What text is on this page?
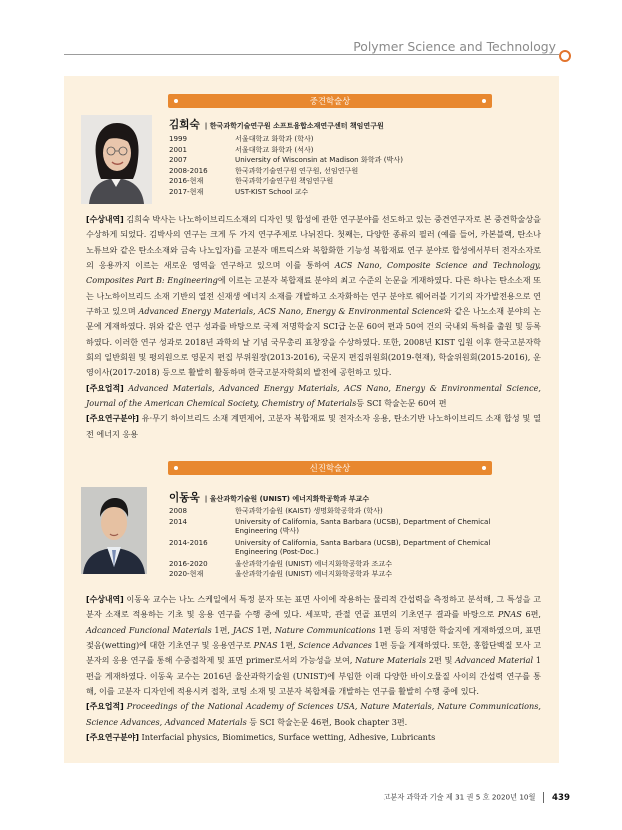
Polymer Science and Technology
중견학술상
김희숙 | 한국과학기술연구원 소프트융합소재연구센터 책임연구원
1999	서울대학교 화학과 (학사)
2001	서울대학교 화학과 (석사)
2007	University of Wisconsin at Madison 화학과 (박사)
2008-2016	한국과학기술연구원 연구원, 선임연구원
2016-현재	한국과학기술연구원 책임연구원
2017-현재	UST-KIST School 교수

[수상내역] 김희숙 박사는 나노하이브리드소재의 디자인 및 합성에 관한 연구분야를 선도하고 있는 중견연구자로 본 중견학술상을 수상하게 되었다. 김박사의 연구는 크게 두 가지 연구주제로 나뉘진다. 첫째는, 다양한 종류의 필러 (예를 들어, 카본블랙, 탄소나노튜브와 같은 탄소소재와 금속 나노입자)를 고분자 매트릭스와 복합화한 기능성 복합재료 연구 분야로 합성에서부터 전자소자로의 응용까지 이르는 새로운 영역을 연구하고 있으며 이를 통하여 ACS Nano, Composite Science and Technology, Composites Part B: Engineering에 이르는 고분자 복합재료 분야의 최고 수준의 논문을 게재하였다. 다른 하나는 탄소소재 또는 나노하이브리드 소재 기반의 열전 신재생 에너지 소재를 개발하고 소자화하는 연구 분야로 웨어러블 기기의 자가발전용으로 연구하고 있으며 Advanced Energy Materials, ACS Nano, Energy & Environmental Science와 같은 나노소재 분야의 논문에 게재하였다. 위와 같은 연구 성과를 바탕으로 국제 저명학술지 SCI급 논문 60여 편과 50여 건의 국내외 특허를 출원 및 등록하였다. 이러한 연구 성과로 2018년 과학의 날 기념 국무총리 표창장을 수상하였다. 또한, 2008년 KIST 입원 이후 한국고분자학회의 일반회원 및 평의원으로 영문지 편집 부위원장(2013-2016), 국문지 편집위원회(2019-현재), 학술위원회(2015-2016), 운영이사(2017-2018) 등으로 활발히 활동하며 한국고분자학회의 발전에 공헌하고 있다.

[주요업적] Advanced Materials, Advanced Energy Materials, ACS Nano, Energy & Environmental Science, Journal of the American Chemical Society, Chemistry of Materials등 SCI 학술논문 60여 편

[주요연구분야] 유·무기 하이브리드 소재 계면제어, 고분자 복합재료 및 전자소자 응용, 탄소기반 나노하이브리드 소재 합성 및 열전 에너지 응용

신진학술상
이동욱 | 울산과학기술원 (UNIST) 에너지화학공학과 부교수
2008	한국과학기술원 (KAIST) 생명화학공학과 (학사)
2014	University of California, Santa Barbara (UCSB), Department of Chemical Engineering (박사)
2014-2016	University of California, Santa Barbara (UCSB), Department of Chemical Engineering (Post-Doc.)
2016-2020	울산과학기술원 (UNIST) 에너지화학공학과 조교수
2020-현재	울산과학기술원 (UNIST) 에너지화학공학과 부교수

[수상내역] 이동욱 교수는 나노 스케일에서 특정 분자 또는 표면 사이에 작용하는 물리적 간섭력을 측정하고 분석해, 그 특성을 고분자 소재로 적용하는 기초 및 응용 연구를 수행 중에 있다. 세포막, 관절 연골 표면의 기초연구 결과를 바탕으로 PNAS 6편, Adcanced Funcional Materials 1편, JACS 1편, Nature Communications 1편 등의 저명한 학술지에 게재하였으며, 표면젖음(wetting)에 대한 기초연구 및 응용연구로 PNAS 1편, Science Advances 1편 등을 게재하였다. 또한, 홍합단백질 모사 고분자의 응용 연구를 통해 수중접착제 및 표면 primer로서의 가능성을 보여, Nature Materials 2편 및 Advanced Material 1편을 게재하였다. 이동욱 교수는 2016년 울산과학기술원 (UNIST)에 부임한 이래 다양한 바이오물질 사이의 간섭력 연구를 통해, 이를 고분자 디자인에 적용시켜 접착, 코팅 소재 및 고분자 복합체를 개발하는 연구를 활발히 수행 중에 있다.

[주요업적] Proceedings of the National Academy of Sciences USA, Nature Materials, Nature Communications, Science Advances, Advanced Materials 등 SCI 학술논문 46편, Book chapter 3편.

[주요연구분야] Interfacial physics, Biomimetics, Surface wetting, Adhesive, Lubricants

고분자 과학과 기술 제 31 권 5 호 2020년 10월 439
